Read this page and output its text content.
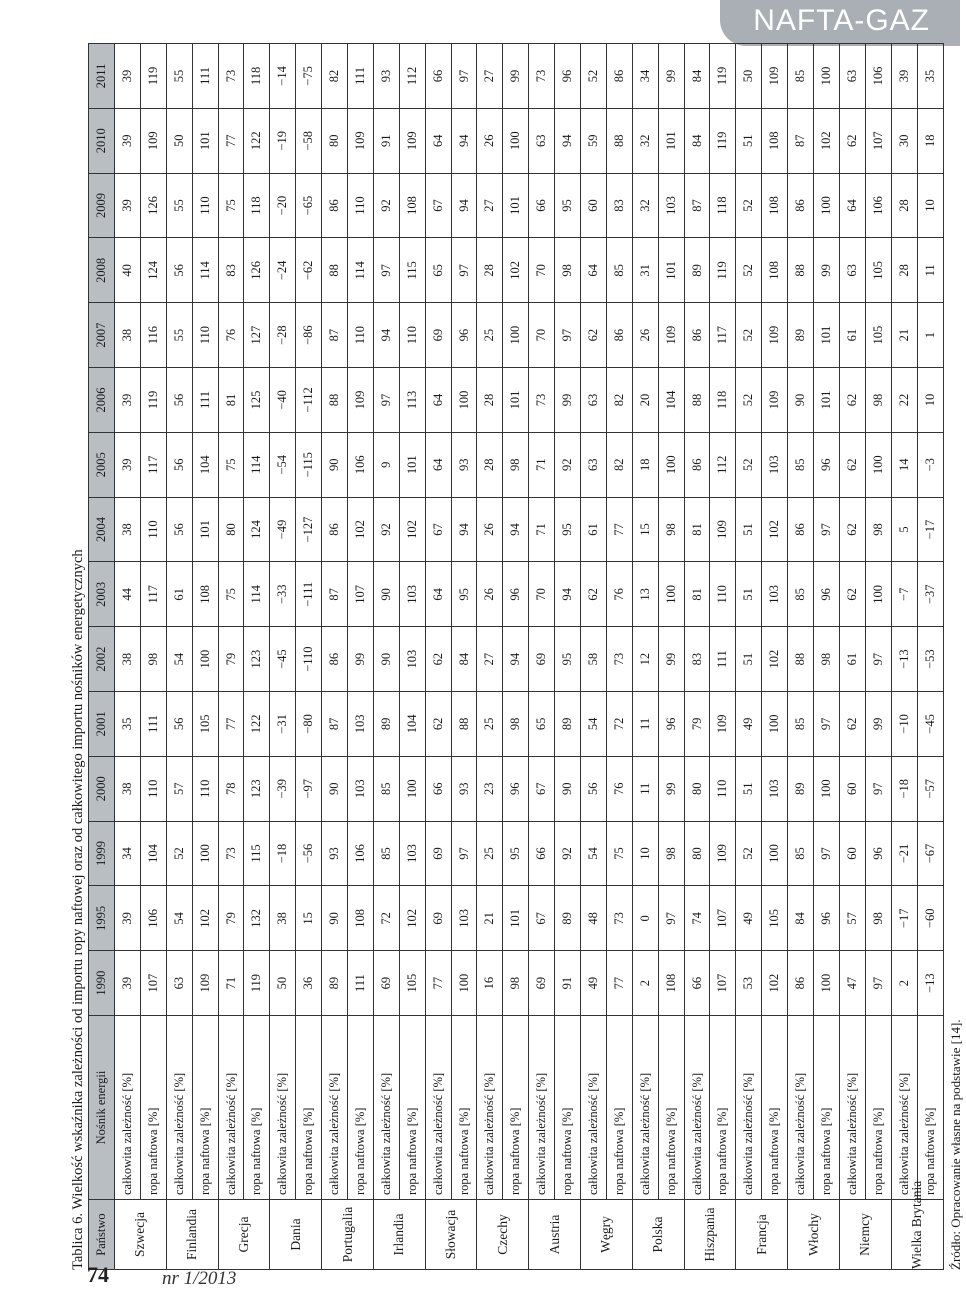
NAFTA-GAZ
Tablica 6. Wielkość wskaźnika zależności od importu ropy naftowej oraz od całkowitego importu nośników energetycznych Państwo	Nośnik energii	1990	1995	1999	2000	2001	2002	2003	2004	2005	2006	2007	2008	2009	2010	2011
Szwecja	całkowita zależność [%]	39	39	34	38	35	38	44	38	39	39	38	40	39	39	39
	ropa naftowa [%]	107	106	104	110	111	98	117	110	117	119	116	124	126	109	119
Finlandia	całkowita zależność [%]	63	54	52	57	56	54	61	56	56	56	55	56	55	50	55
	ropa naftowa [%]	109	102	100	110	105	100	108	101	104	111	110	114	110	101	111
Grecja	całkowita zależność [%]	71	79	73	78	77	79	75	80	75	81	76	83	75	77	73
	ropa naftowa [%]	119	132	115	123	122	123	114	124	114	125	127	126	118	122	118
Dania	całkowita zależność [%]	50	38	−18	−39	−31	−45	−33	−49	−54	−40	−28	−24	−20	−19	−14
	ropa naftowa [%]	36	15	−56	−97	−80	−110	−111	−127	−115	−112	−86	−62	−65	−58	−75
Portugalia	całkowita zależność [%]	89	90	93	90	87	86	87	86	90	88	87	88	86	80	82
	ropa naftowa [%]	111	108	106	103	103	99	107	102	106	109	110	114	110	109	111
Irlandia	całkowita zależność [%]	69	72	85	85	89	90	90	92	9	97	94	97	92	91	93
	ropa naftowa [%]	105	102	103	100	104	103	103	102	101	113	110	115	108	109	112
Słowacja	całkowita zależność [%]	77	69	69	66	62	62	64	67	64	64	69	65	67	64	66
	ropa naftowa [%]	100	103	97	93	88	84	95	94	93	100	96	97	94	94	97
Czechy	całkowita zależność [%]	16	21	25	23	25	27	26	26	28	28	25	28	27	26	27
	ropa naftowa [%]	98	101	95	96	98	94	96	94	98	101	100	102	101	100	99
Austria	całkowita zależność [%]	69	67	66	67	65	69	70	71	71	73	70	70	66	63	73
	ropa naftowa [%]	91	89	92	90	89	95	94	95	92	99	97	98	95	94	96
Węgry	całkowita zależność [%]	49	48	54	56	54	58	62	61	63	63	62	64	60	59	52
	ropa naftowa [%]	77	73	75	76	72	73	76	77	82	82	86	85	83	88	86
Polska	całkowita zależność [%]	2	0	10	11	11	12	13	15	18	20	26	31	32	32	34
	ropa naftowa [%]	108	97	98	99	96	99	100	98	100	104	109	101	103	101	99
Hiszpania	całkowita zależność [%]	66	74	80	80	79	83	81	81	86	88	86	89	87	84	84
	ropa naftowa [%]	107	107	109	110	109	111	110	109	112	118	117	119	118	119	119
Francja	całkowita zależność [%]	53	49	52	51	49	51	51	51	52	52	52	52	52	51	50
	ropa naftowa [%]	102	105	100	103	100	102	103	102	103	109	109	108	108	108	109
Włochy	całkowita zależność [%]	86	84	85	89	85	88	85	86	85	90	89	88	86	87	85
	ropa naftowa [%]	100	96	97	100	97	98	96	97	96	101	101	99	100	102	100
Niemcy	całkowita zależność [%]	47	57	60	60	62	61	62	62	62	62	61	63	64	62	63
	ropa naftowa [%]	97	98	96	97	99	97	100	98	100	98	105	105	106	107	106
Wielka Brytania	całkowita zależność [%]	2	−17	−21	−18	−10	−13	−7	5	14	22	21	28	28	30	39
	ropa naftowa [%]	−13	−60	−67	−57	−45	−53	−37	−17	−3	10	1	11	10	18	35
Źródło: Opracowanie własne na podstawie [14].
74	nr 1/2013
